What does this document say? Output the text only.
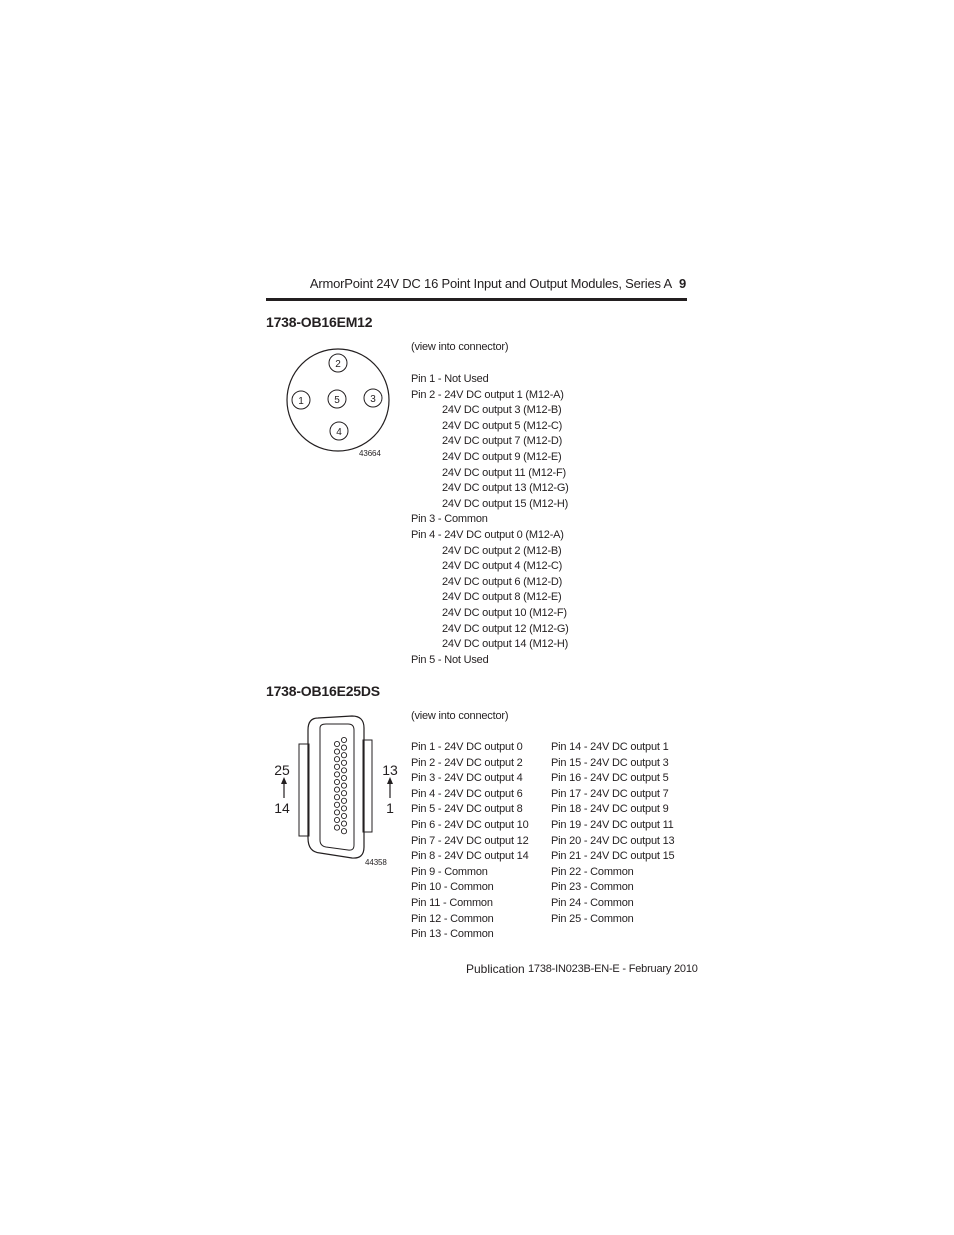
ArmorPoint 24V DC 16 Point Input and Output Modules, Series A 9
1738-OB16EM12
2
1	5	3
4
43664
(view into connector)
Pin 1 - Not Used
Pin 2 - 24V DC output 1 (M12-A)
24V DC output 3 (M12-B)
24V DC output 5 (M12-C)
24V DC output 7 (M12-D)
24V DC output 9 (M12-E)
24V DC output 11 (M12-F)
24V DC output 13 (M12-G)
24V DC output 15 (M12-H)
Pin 3 - Common
Pin 4 - 24V DC output 0 (M12-A)
24V DC output 2 (M12-B)
24V DC output 4 (M12-C)
24V DC output 6 (M12-D)
24V DC output 8 (M12-E)
24V DC output 10 (M12-F)
24V DC output 12 (M12-G)
24V DC output 14 (M12-H)
Pin 5 - Not Used
1738-OB16E25DS
25
14
13
1
44358
(view into connector)
Pin 1 - 24V DC output 0
Pin 2 - 24V DC output 2
Pin 3 - 24V DC output 4
Pin 4 - 24V DC output 6
Pin 5 - 24V DC output 8
Pin 6 - 24V DC output 10
Pin 7 - 24V DC output 12
Pin 8 - 24V DC output 14
Pin 9 - Common
Pin 10 - Common
Pin 11 - Common
Pin 12 - Common
Pin 13 - Common
Pin 14 - 24V DC output 1
Pin 15 - 24V DC output 3
Pin 16 - 24V DC output 5
Pin 17 - 24V DC output 7
Pin 18 - 24V DC output 9
Pin 19 - 24V DC output 11
Pin 20 - 24V DC output 13
Pin 21 - 24V DC output 15
Pin 22 - Common
Pin 23 - Common
Pin 24 - Common
Pin 25 - Common
Publication 1738-IN023B-EN-E - February 2010
